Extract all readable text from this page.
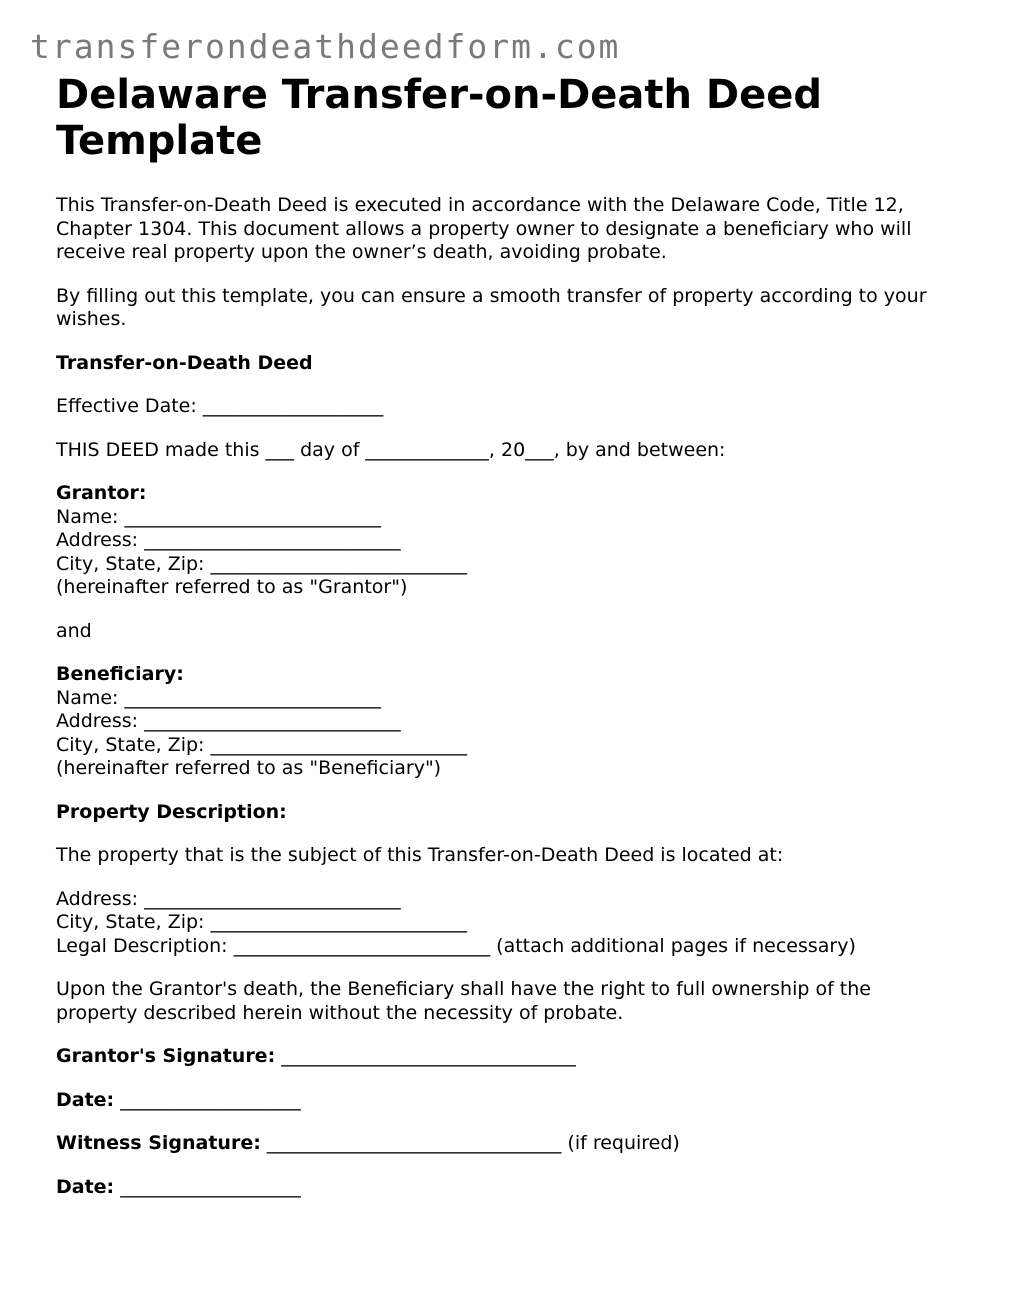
transferondeathdeedform.com
Delaware Transfer-on-Death Deed Template

This Transfer-on-Death Deed is executed in accordance with the Delaware Code, Title 12, Chapter 1304. This document allows a property owner to designate a beneficiary who will receive real property upon the owner’s death, avoiding probate.

By filling out this template, you can ensure a smooth transfer of property according to your wishes.

Transfer-on-Death Deed

Effective Date: ___________________

THIS DEED made this ___ day of _____________, 20___, by and between:

Grantor:

Name: ___________________________

Address: ___________________________

City, State, Zip: ___________________________

(hereinafter referred to as "Grantor")

and

Beneficiary:

Name: ___________________________

Address: ___________________________

City, State, Zip: ___________________________

(hereinafter referred to as "Beneficiary")

Property Description:

The property that is the subject of this Transfer-on-Death Deed is located at:

Address: ___________________________

City, State, Zip: ___________________________

Legal Description: ___________________________ (attach additional pages if necessary)

Upon the Grantor's death, the Beneficiary shall have the right to full ownership of the property described herein without the necessity of probate.

Grantor's Signature: _______________________________

Date: ___________________

Witness Signature: _______________________________ (if required)

Date: ___________________
